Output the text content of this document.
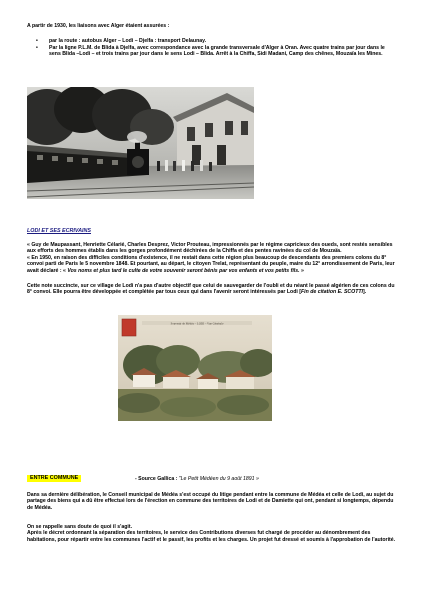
A partir de 1930, les liaisons avec Alger étaient assurées :
• par la route : autobus Alger – Lodi – Djelfa : transport Delaunay.
• Par la ligne P.L.M. de Blida à Djelfa, avec correspondance avec la grande transversale d'Alger à Oran. Avec quatre trains par jour dans le sens Blida –Lodi – et trois trains par jour dans le sens Lodi – Blida. Arrêt à la Chiffa, Sidi Madani, Camp des chênes, Mouzaïa les Mines.
LODI ET SES ECRIVAINS
« Guy de Maupassant, Henriette Célarié, Charles Desprez, Victor Prouteau, impressionnés par le régime capricieux des oueds, sont restés sensibles aux efforts des hommes établis dans les gorges profondément déchirées de la Chiffa et des pentes ravinées du col de Mouzaïa.
« En 1950, en raison des difficiles conditions d'existence, il ne restait dans cette région plus beaucoup de descendants des premiers colons du 8° convoi parti de Paris le 5 novembre 1848. Et pourtant, au départ, le citoyen Trelat, représentant du peuple, maire du 12° arrondissement de Paris, leur avait déclaré : « Vos noms et plus tard le culte de votre souvenir seront bénis par vos enfants et vos petits fils. »
Cette note succincte, sur ce village de Lodi n'a pas d'autre objectif que celui de sauvegarder de l'oubli et du néant le passé algérien de ces colons du 8° convoi. Elle pourra être développée et complétée par tous ceux qui dans l'avenir seront intéressés par Lodi [Fin de citation E. SCOTTI].
Souvenir de Médéa – LODI – Vue Générale
ENTRE COMMUNE	- Source Gallica : "Le Petit Médéen du 9 août 1891 »
Dans sa dernière délibération, le Conseil municipal de Médéa s'est occupé du litige pendant entre la commune de Médéa et celle de Lodi, au sujet du partage des biens qui a dû être effectué lors de l'érection en commune des territoires de Lodi et de Damiette qui ont, pendant si longtemps, dépendu de Médéa.
On se rappelle sans doute de quoi il s'agit.
Après le décret ordonnant la séparation des territoires, le service des Contributions diverses fut chargé de procéder au dénombrement des habitations, pour répartir entre les communes l'actif et le passif, les profits et les charges. Un projet fut dressé et soumis à l'approbation de l'autorité.
